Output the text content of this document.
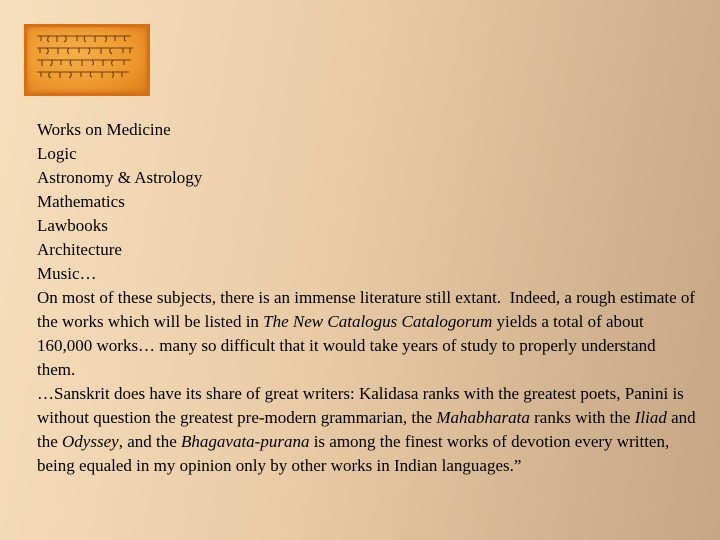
Works on Medicine
Logic
Astronomy & Astrology
Mathematics
Lawbooks
Architecture
Music…
On most of these subjects, there is an immense literature still extant.  Indeed, a rough estimate of the works which will be listed in The New Catalogus Catalogorum yields a total of about 160,000 works… many so difficult that it would take years of study to properly understand them.
…Sanskrit does have its share of great writers: Kalidasa ranks with the greatest poets, Panini is without question the greatest pre-modern grammarian, the Mahabharata ranks with the Iliad and the Odyssey, and the Bhagavata-purana is among the finest works of devotion every written, being equaled in my opinion only by other works in Indian languages.”
